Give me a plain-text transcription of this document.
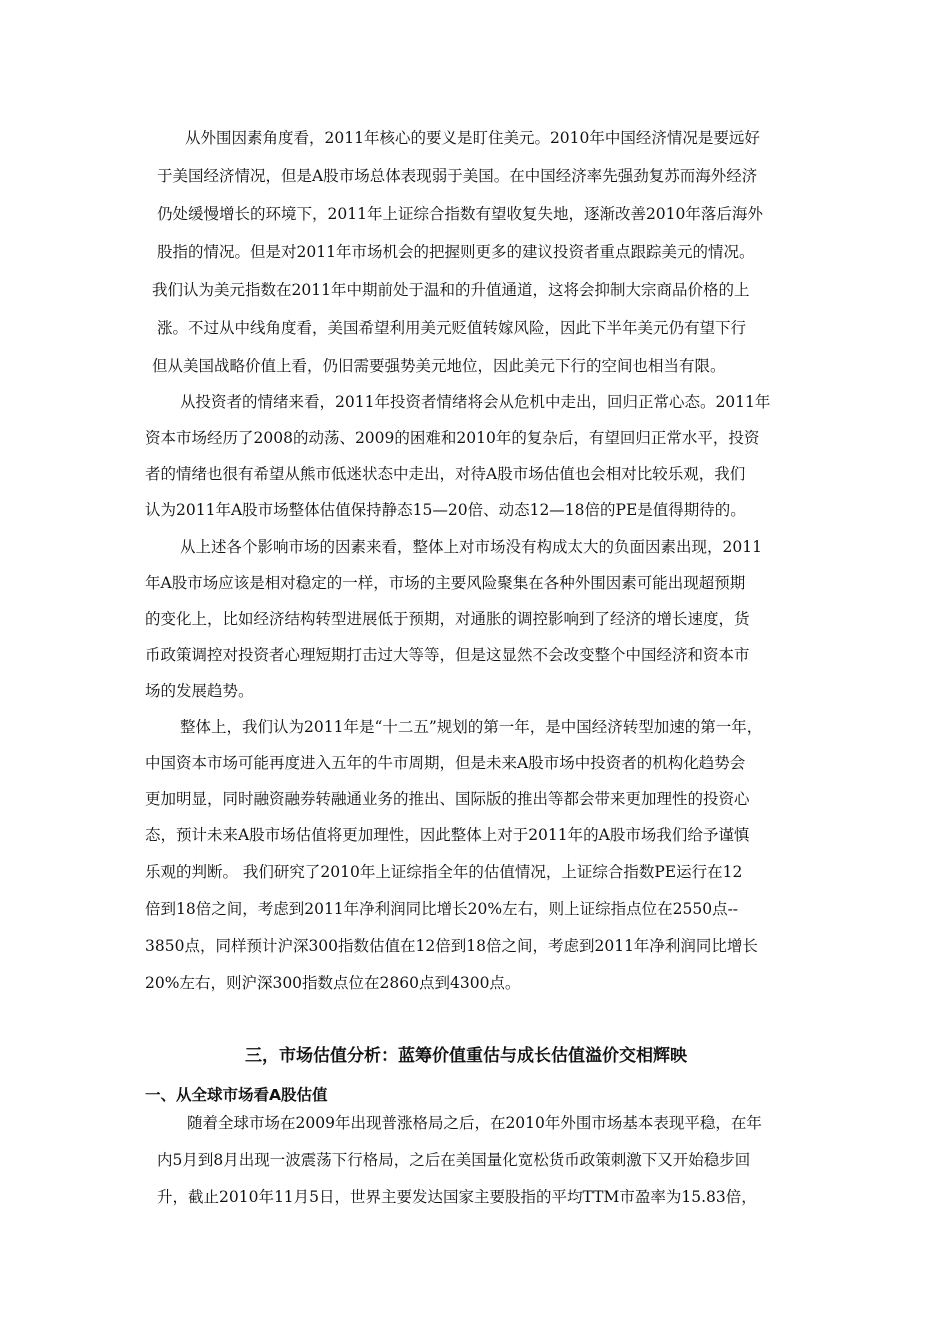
从外围因素角度看，2011年核心的要义是盯住美元。2010年中国经济情况是要远好
于美国经济情况，但是A股市场总体表现弱于美国。在中国经济率先强劲复苏而海外经济
仍处缓慢增长的环境下，2011年上证综合指数有望收复失地，逐渐改善2010年落后海外
股指的情况。但是对2011年市场机会的把握则更多的建议投资者重点跟踪美元的情况。
我们认为美元指数在2011年中期前处于温和的升值通道，这将会抑制大宗商品价格的上
涨。不过从中线角度看，美国希望利用美元贬值转嫁风险，因此下半年美元仍有望下行
但从美国战略价值上看，仍旧需要强势美元地位，因此美元下行的空间也相当有限。
从投资者的情绪来看，2011年投资者情绪将会从危机中走出，回归正常心态。2011年
资本市场经历了2008的动荡、2009的困难和2010年的复杂后，有望回归正常水平，投资
者的情绪也很有希望从熊市低迷状态中走出，对待A股市场估值也会相对比较乐观，我们
认为2011年A股市场整体估值保持静态15—20倍、动态12—18倍的PE是值得期待的。
从上述各个影响市场的因素来看，整体上对市场没有构成太大的负面因素出现，2011
年A股市场应该是相对稳定的一样，市场的主要风险聚集在各种外围因素可能出现超预期
的变化上，比如经济结构转型进展低于预期，对通胀的调控影响到了经济的增长速度，货
币政策调控对投资者心理短期打击过大等等，但是这显然不会改变整个中国经济和资本市
场的发展趋势。
整体上，我们认为2011年是“十二五”规划的第一年，是中国经济转型加速的第一年，
中国资本市场可能再度进入五年的牛市周期，但是未来A股市场中投资者的机构化趋势会
更加明显，同时融资融券转融通业务的推出、国际版的推出等都会带来更加理性的投资心
态，预计未来A股市场估值将更加理性，因此整体上对于2011年的A股市场我们给予谨慎
乐观的判断。 我们研究了2010年上证综指全年的估值情况，上证综合指数PE运行在12
倍到18倍之间，考虑到2011年净利润同比增长20%左右，则上证综指点位在2550点--
3850点，同样预计沪深300指数估值在12倍到18倍之间，考虑到2011年净利润同比增长
20%左右，则沪深300指数点位在2860点到4300点。
三，市场估值分析：蓝筹价值重估与成长估值溢价交相辉映
一、从全球市场看A股估值
随着全球市场在2009年出现普涨格局之后，在2010年外围市场基本表现平稳，在年
内5月到8月出现一波震荡下行格局，之后在美国量化宽松货币政策刺激下又开始稳步回
升，截止2010年11月5日，世界主要发达国家主要股指的平均TTM市盈率为15.83倍，
